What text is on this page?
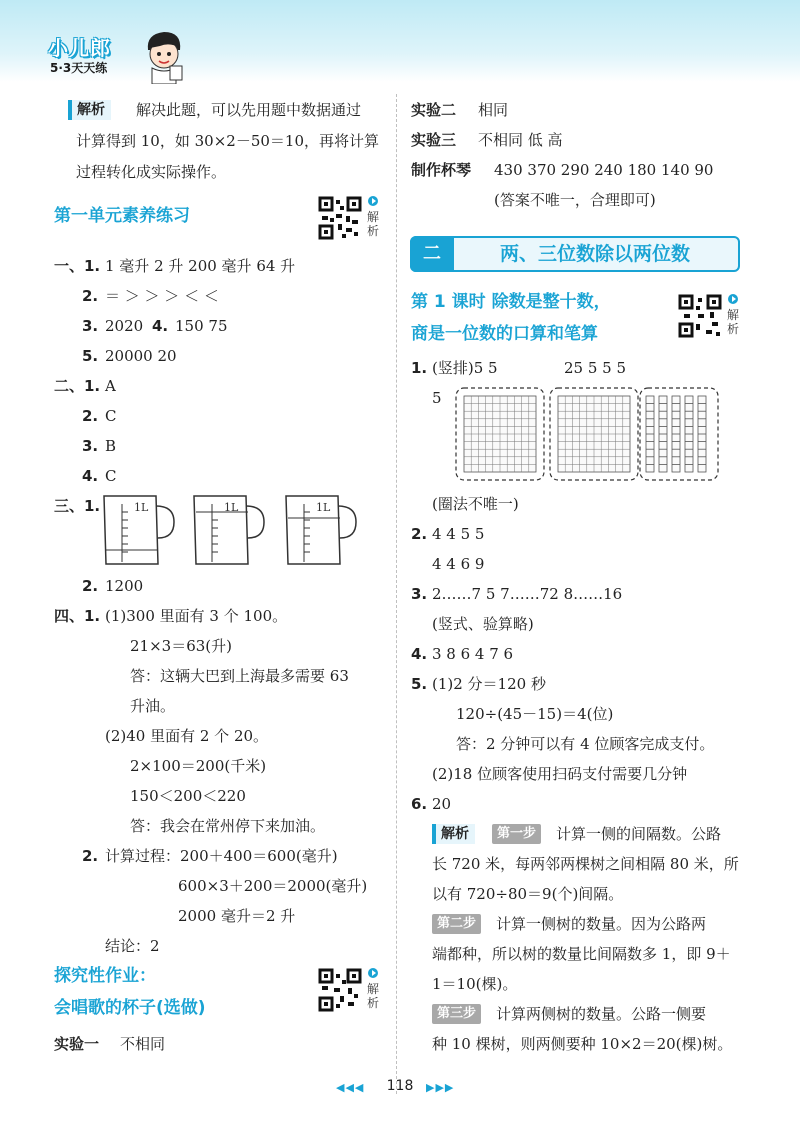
小儿郎
5·3天天练
解析	解决此题，可以先用题中数据通过
计算得到 10，如 30×2－50＝10，再将计算
过程转化成实际操作。
第一单元素养练习	解析
一、1. 1 毫升 2 升 200 毫升 64 升
2. ＝ ＞ ＞ ＞ ＜ ＜
3. 2020 4. 150 75
5. 20000 20
二、1. A
2. C
3. B
4. C
三、1.	1L	1L	1L
2. 1200
四、1. (1)300 里面有 3 个 100。
21×3＝63(升)
答：这辆大巴到上海最多需要 63
升油。
(2)40 里面有 2 个 20。
2×100＝200(千米)
150＜200＜220
答：我会在常州停下来加油。
2. 计算过程：200＋400＝600(毫升)
600×3＋200＝2000(毫升)
2000 毫升＝2 升
结论：2
探究性作业：
会唱歌的杯子(选做)
解析
实验一 不相同
实验二 相同
实验三 不相同 低 高
制作杯琴 430 370 290 240 180 140 90
(答案不唯一，合理即可)
二	两、三位数除以两位数
第 1 课时 除数是整十数，
商是一位数的口算和笔算
解析
1. (竖排)5 5	25 5 5 5
5
(圈法不唯一)
2. 4 4 5 5
4 4 6 9
3. 2……7 5 7……72 8……16
(竖式、验算略)
4. 3 8 6 4 7 6
5. (1)2 分＝120 秒
120÷(45－15)＝4(位)
答：2 分钟可以有 4 位顾客完成支付。
(2)18 位顾客使用扫码支付需要几分钟
6. 20
解析	第一步	计算一侧的间隔数。公路
长 720 米，每两邻两棵树之间相隔 80 米，所
以有 720÷80＝9(个)间隔。
第二步	计算一侧树的数量。因为公路两
端都种，所以树的数量比间隔数多 1，即 9＋
1＝10(棵)。
第三步	计算两侧树的数量。公路一侧要
种 10 棵树，则两侧要种 10×2＝20(棵)树。
◀◀◀	118	▶▶▶
